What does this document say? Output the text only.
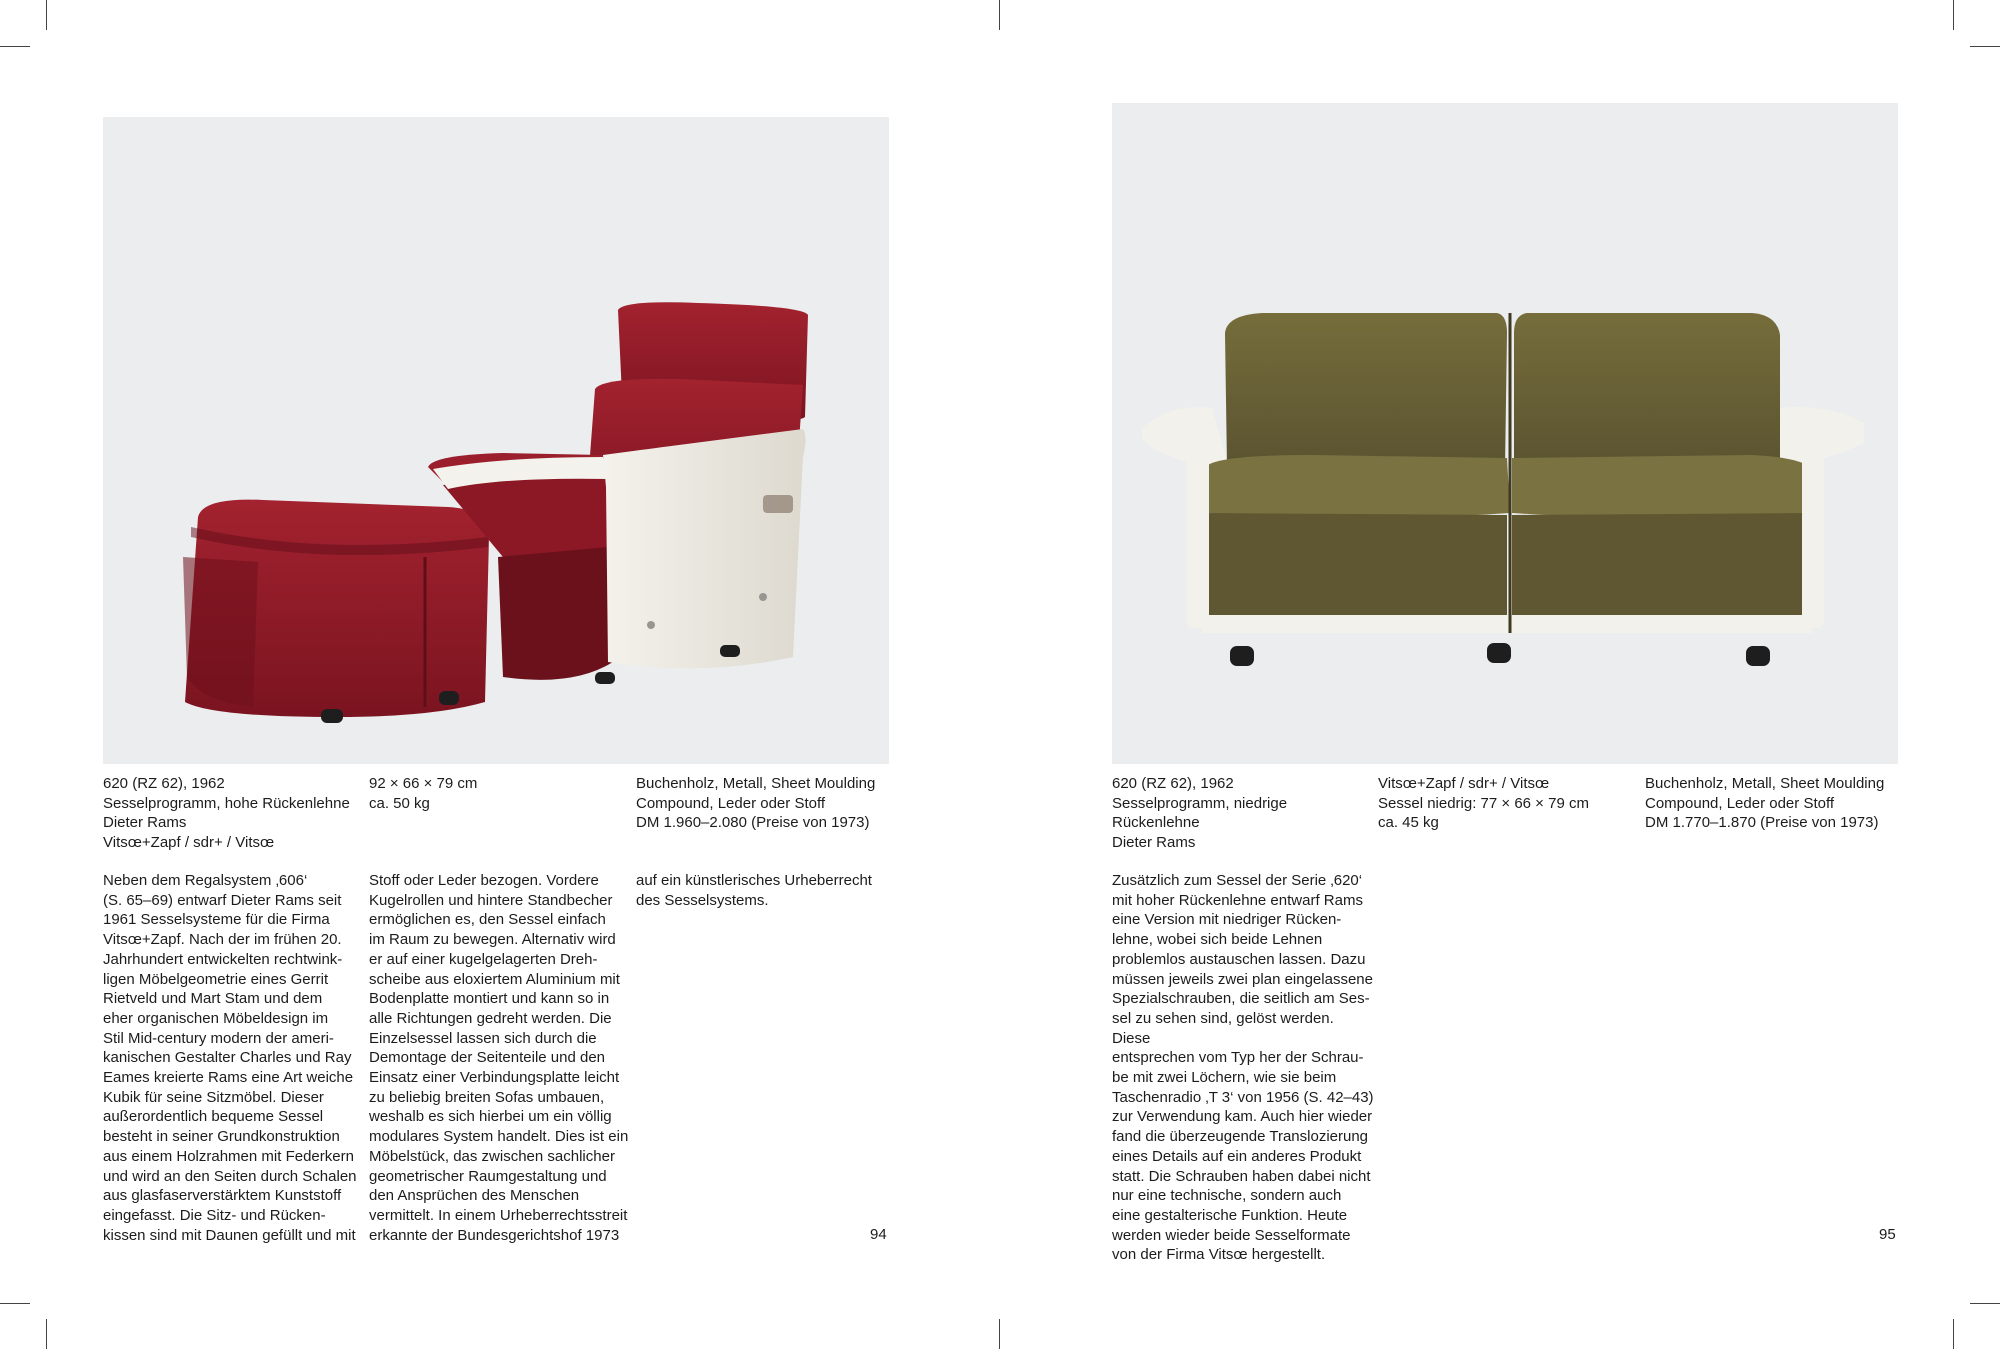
620 (RZ 62), 1962
Sesselprogramm, hohe Rückenlehne
Dieter Rams
Vitsœ+Zapf / sdr+ / Vitsœ
92 × 66 × 79 cm
ca. 50 kg
Buchenholz, Metall, Sheet Moulding
Compound, Leder oder Stoff
DM 1.960–2.080 (Preise von 1973)
Neben dem Regalsystem ‚606‘
(S. 65–69) entwarf Dieter Rams seit
1961 Sesselsysteme für die Firma
Vitsœ+Zapf. Nach der im frühen 20.
Jahrhundert entwickelten rechtwink-
ligen Möbelgeometrie eines Gerrit
Rietveld und Mart Stam und dem
eher organischen Möbeldesign im
Stil Mid-century modern der ameri-
kanischen Gestalter Charles und Ray
Eames kreierte Rams eine Art weiche
Kubik für seine Sitzmöbel. Dieser
außerordentlich bequeme Sessel
besteht in seiner Grundkonstruktion
aus einem Holzrahmen mit Federkern
und wird an den Seiten durch Schalen
aus glasfaserverstärktem Kunststoff
eingefasst. Die Sitz- und Rücken-
kissen sind mit Daunen gefüllt und mit
Stoff oder Leder bezogen. Vordere
Kugelrollen und hintere Standbecher
ermöglichen es, den Sessel einfach
im Raum zu bewegen. Alternativ wird
er auf einer kugelgelagerten Dreh-
scheibe aus eloxiertem Aluminium mit
Bodenplatte montiert und kann so in
alle Richtungen gedreht werden. Die
Einzelsessel lassen sich durch die
Demontage der Seitenteile und den
Einsatz einer Verbindungsplatte leicht
zu beliebig breiten Sofas umbauen,
weshalb es sich hierbei um ein völlig
modulares System handelt. Dies ist ein
Möbelstück, das zwischen sachlicher
geometrischer Raumgestaltung und
den Ansprüchen des Menschen
vermittelt. In einem Urheberrechtsstreit
erkannte der Bundesgerichtshof 1973
auf ein künstlerisches Urheberrecht
des Sesselsystems.
94
620 (RZ 62), 1962
Sesselprogramm, niedrige
Rückenlehne
Dieter Rams
Vitsœ+Zapf / sdr+ / Vitsœ
Sessel niedrig: 77 × 66 × 79 cm
ca. 45 kg
Buchenholz, Metall, Sheet Moulding
Compound, Leder oder Stoff
DM 1.770–1.870 (Preise von 1973)
Zusätzlich zum Sessel der Serie ‚620‘
mit hoher Rückenlehne entwarf Rams
eine Version mit niedriger Rücken-
lehne, wobei sich beide Lehnen
problemlos austauschen lassen. Dazu
müssen jeweils zwei plan eingelassene
Spezialschrauben, die seitlich am Ses-
sel zu sehen sind, gelöst werden. Diese
entsprechen vom Typ her der Schrau-
be mit zwei Löchern, wie sie beim
Taschenradio ‚T 3‘ von 1956 (S. 42–43)
zur Verwendung kam. Auch hier wieder
fand die überzeugende Translozierung
eines Details auf ein anderes Produkt
statt. Die Schrauben haben dabei nicht
nur eine technische, sondern auch
eine gestalterische Funktion. Heute
werden wieder beide Sesselformate
von der Firma Vitsœ hergestellt.
95
